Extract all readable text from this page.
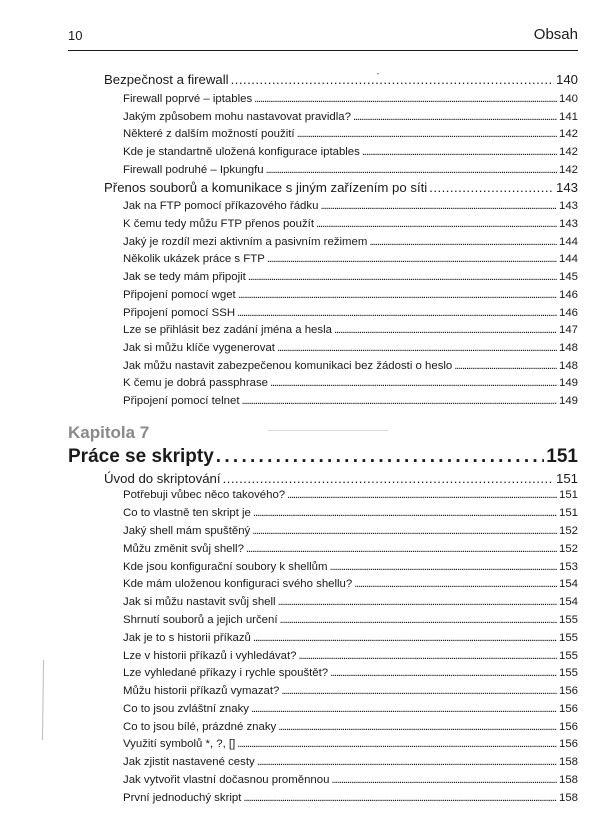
10	Obsah
ˊ
Bezpečnost a firewall . . .	140
Firewall poprvé – iptables . . .	140
Jakým způsobem mohu nastavovat pravidla? . . .	141
Některé z dalším možností použití . . .	142
Kde je standartně uložená konfigurace iptables . . .	142
Firewall podruhé – Ipkungfu . . .	142
Přenos souborů a komunikace s jiným zařízením po síti . . .	143
Jak na FTP pomocí příkazového řádku . . .	143
K čemu tedy můžu FTP přenos použít . . .	143
Jaký je rozdíl mezi aktivním a pasivním režimem . . .	144
Několik ukázek práce s FTP . . .	144
Jak se tedy mám připojit . . .	145
Připojení pomocí wget . . .	146
Připojení pomocí SSH . . .	146
Lze se přihlásit bez zadání jména a hesla . . .	147
Jak si můžu klíče vygenerovat . . .	148
Jak můžu nastavit zabezpečenou komunikaci bez žádosti o heslo . . .	148
K čemu je dobrá passphrase . . .	149
Připojení pomocí telnet . . .	149
Kapitola 7
Práce se skripty . . .	151
Úvod do skriptování . . .	151
Potřebuji vůbec něco takového? . . .	151
Co to vlastně ten skript je . . .	151
Jaký shell mám spuštěný . . .	152
Můžu změnit svůj shell? . . .	152
Kde jsou konfigurační soubory k shellům . . .	153
Kde mám uloženou konfiguraci svého shellu? . . .	154
Jak si můžu nastavit svůj shell . . .	154
Shrnutí souborů a jejich určení . . .	155
Jak je to s historii příkazů . . .	155
Lze v historii příkazů i vyhledávat? . . .	155
Lze vyhledané příkazy i rychle spouštět? . . .	155
Můžu historii příkazů vymazat? . . .	156
Co to jsou zvláštní znaky . . .	156
Co to jsou bílé, prázdné znaky . . .	156
Využití symbolů *, ?, [] . . .	156
Jak zjistit nastavené cesty . . .	158
Jak vytvořit vlastní dočasnou proměnnou . . .	158
První jednoduchý skript . . .	158
